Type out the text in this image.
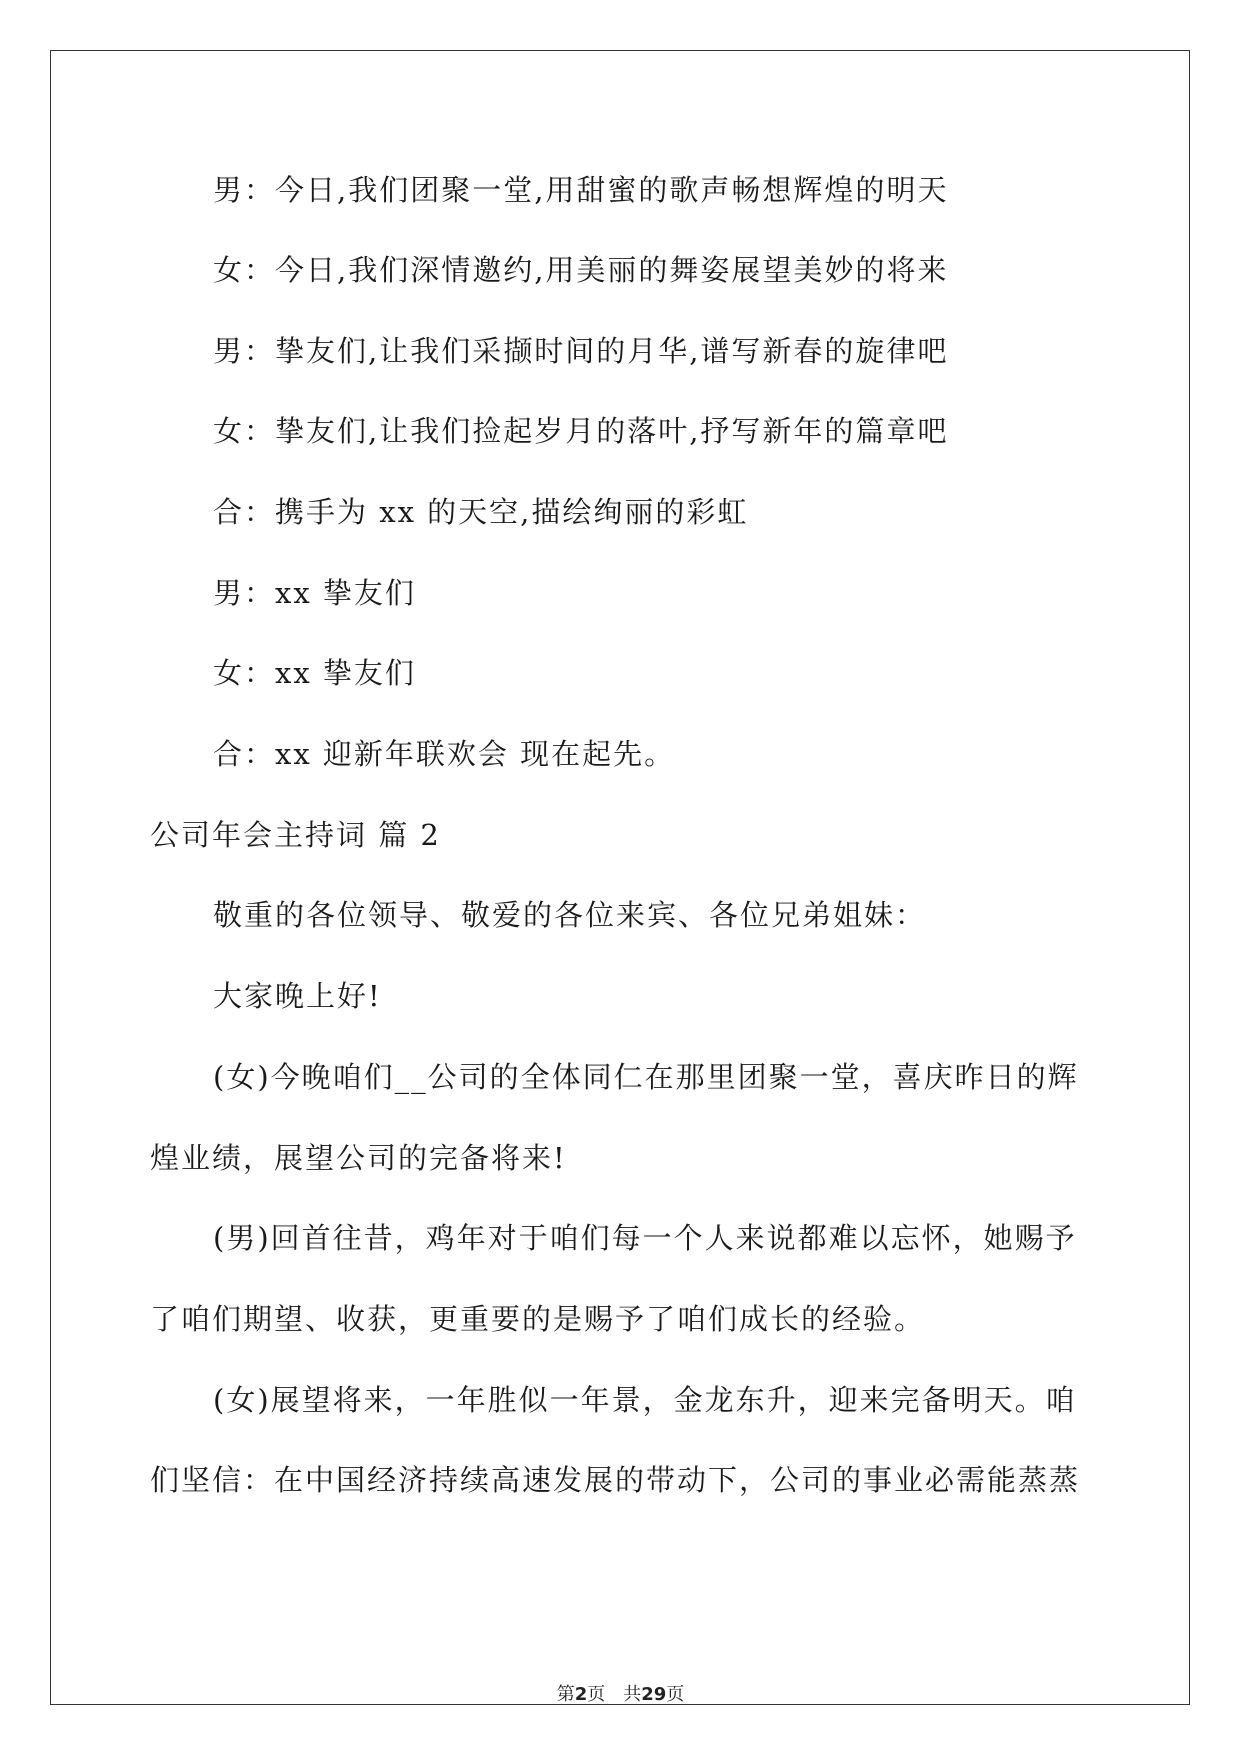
男：今日,我们团聚一堂,用甜蜜的歌声畅想辉煌的明天
女：今日,我们深情邀约,用美丽的舞姿展望美妙的将来
男：挚友们,让我们采撷时间的月华,谱写新春的旋律吧
女：挚友们,让我们捡起岁月的落叶,抒写新年的篇章吧
合：携手为 xx 的天空,描绘绚丽的彩虹
男：xx 挚友们
女：xx 挚友们
合：xx 迎新年联欢会 现在起先。
公司年会主持词 篇 2
敬重的各位领导、敬爱的各位来宾、各位兄弟姐妹：
大家晚上好!
(女)今晚咱们__公司的全体同仁在那里团聚一堂，喜庆昨日的辉
煌业绩，展望公司的完备将来!
(男)回首往昔，鸡年对于咱们每一个人来说都难以忘怀，她赐予
了咱们期望、收获，更重要的是赐予了咱们成长的经验。
(女)展望将来，一年胜似一年景，金龙东升，迎来完备明天。咱
们坚信：在中国经济持续高速发展的带动下，公司的事业必需能蒸蒸
第2页　共29页
